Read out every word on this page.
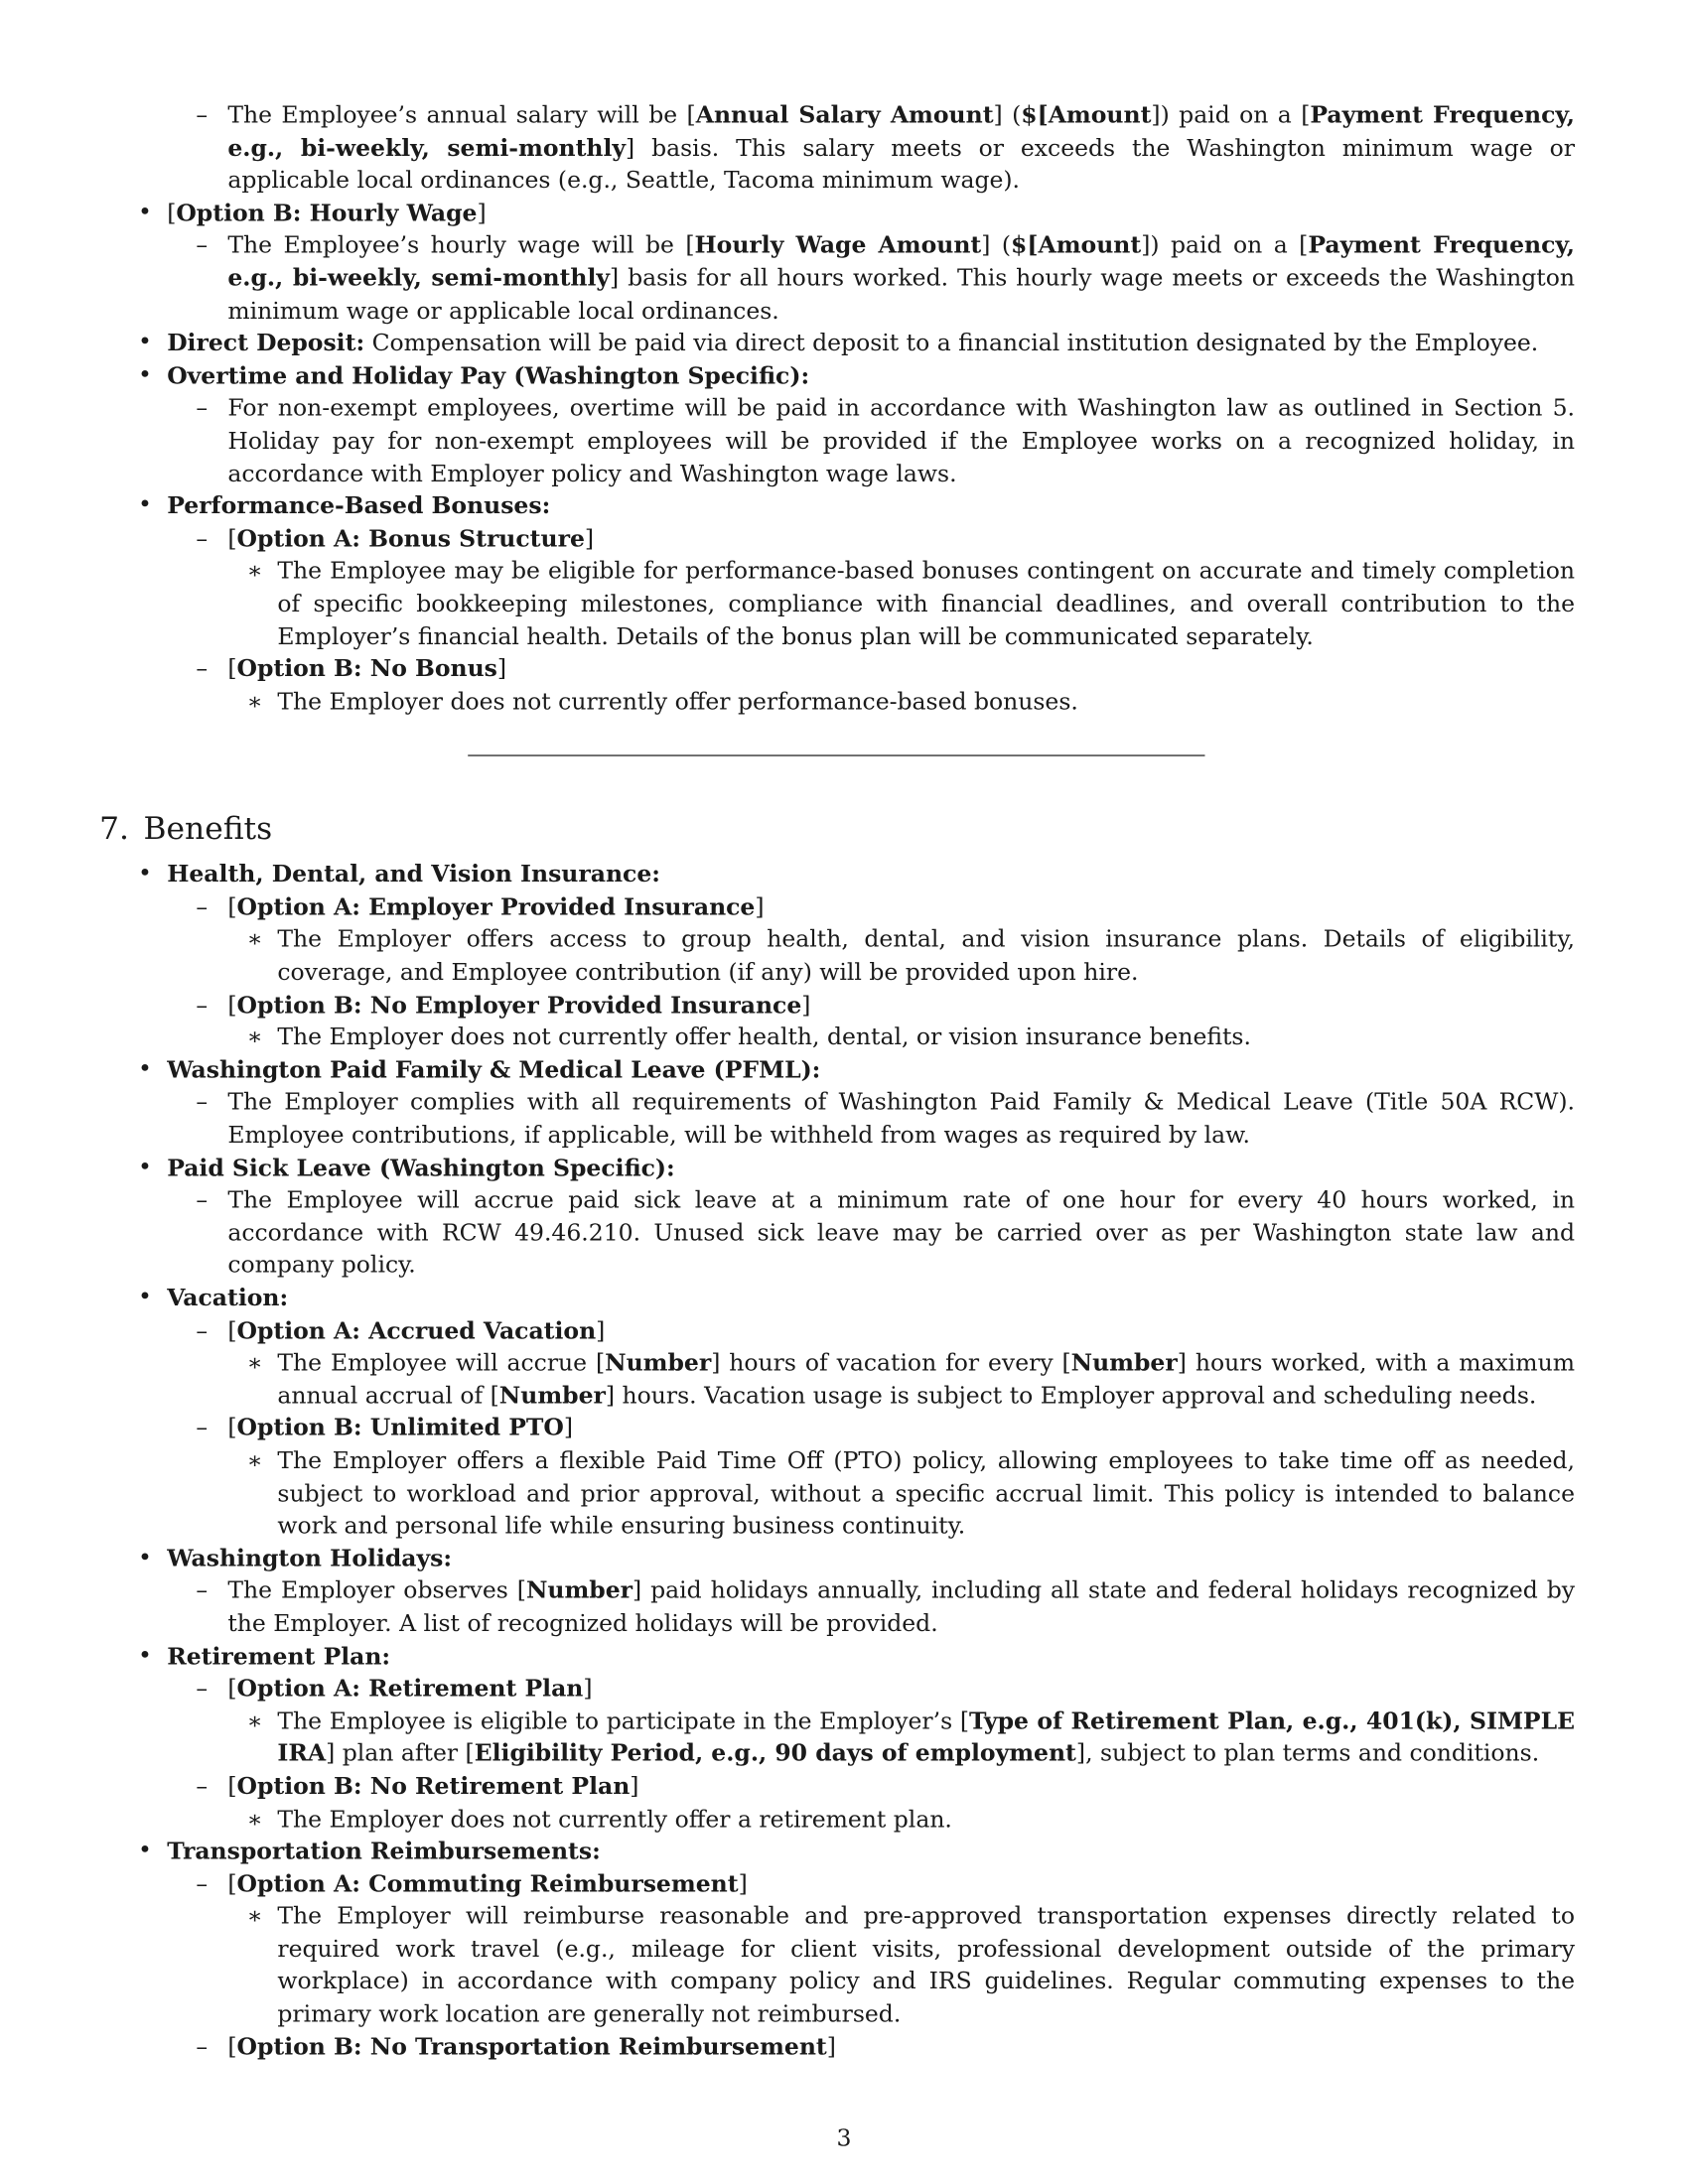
– The Employee’s annual salary will be [Annual Salary Amount] ($[Amount]) paid on a [Payment Frequency, e.g., bi-weekly, semi-monthly] basis. This salary meets or exceeds the Washington minimum wage or applicable local ordinances (e.g., Seattle, Tacoma minimum wage).
• [Option B: Hourly Wage]
– The Employee’s hourly wage will be [Hourly Wage Amount] ($[Amount]) paid on a [Payment Frequency, e.g., bi-weekly, semi-monthly] basis for all hours worked. This hourly wage meets or exceeds the Washington minimum wage or applicable local ordinances.
• Direct Deposit: Compensation will be paid via direct deposit to a financial institution designated by the Employee.
• Overtime and Holiday Pay (Washington Specific):
– For non-exempt employees, overtime will be paid in accordance with Washington law as outlined in Section 5. Holiday pay for non-exempt employees will be provided if the Employee works on a recognized holiday, in accordance with Employer policy and Washington wage laws.
• Performance-Based Bonuses:
– [Option A: Bonus Structure]
∗ The Employee may be eligible for performance-based bonuses contingent on accurate and timely completion of specific bookkeeping milestones, compliance with financial deadlines, and overall contribution to the Employer’s financial health. Details of the bonus plan will be communicated separately.
– [Option B: No Bonus]
∗ The Employer does not currently offer performance-based bonuses.
7. Benefits
• Health, Dental, and Vision Insurance:
– [Option A: Employer Provided Insurance]
∗ The Employer offers access to group health, dental, and vision insurance plans. Details of eligibility, coverage, and Employee contribution (if any) will be provided upon hire.
– [Option B: No Employer Provided Insurance]
∗ The Employer does not currently offer health, dental, or vision insurance benefits.
• Washington Paid Family & Medical Leave (PFML):
– The Employer complies with all requirements of Washington Paid Family & Medical Leave (Title 50A RCW). Employee contributions, if applicable, will be withheld from wages as required by law.
• Paid Sick Leave (Washington Specific):
– The Employee will accrue paid sick leave at a minimum rate of one hour for every 40 hours worked, in accordance with RCW 49.46.210. Unused sick leave may be carried over as per Washington state law and company policy.
• Vacation:
– [Option A: Accrued Vacation]
∗ The Employee will accrue [Number] hours of vacation for every [Number] hours worked, with a maximum annual accrual of [Number] hours. Vacation usage is subject to Employer approval and scheduling needs.
– [Option B: Unlimited PTO]
∗ The Employer offers a flexible Paid Time Off (PTO) policy, allowing employees to take time off as needed, subject to workload and prior approval, without a specific accrual limit. This policy is intended to balance work and personal life while ensuring business continuity.
• Washington Holidays:
– The Employer observes [Number] paid holidays annually, including all state and federal holidays recognized by the Employer. A list of recognized holidays will be provided.
• Retirement Plan:
– [Option A: Retirement Plan]
∗ The Employee is eligible to participate in the Employer’s [Type of Retirement Plan, e.g., 401(k), SIMPLE IRA] plan after [Eligibility Period, e.g., 90 days of employment], subject to plan terms and conditions.
– [Option B: No Retirement Plan]
∗ The Employer does not currently offer a retirement plan.
• Transportation Reimbursements:
– [Option A: Commuting Reimbursement]
∗ The Employer will reimburse reasonable and pre-approved transportation expenses directly related to required work travel (e.g., mileage for client visits, professional development outside of the primary workplace) in accordance with company policy and IRS guidelines. Regular commuting expenses to the primary work location are generally not reimbursed.
– [Option B: No Transportation Reimbursement]
3
